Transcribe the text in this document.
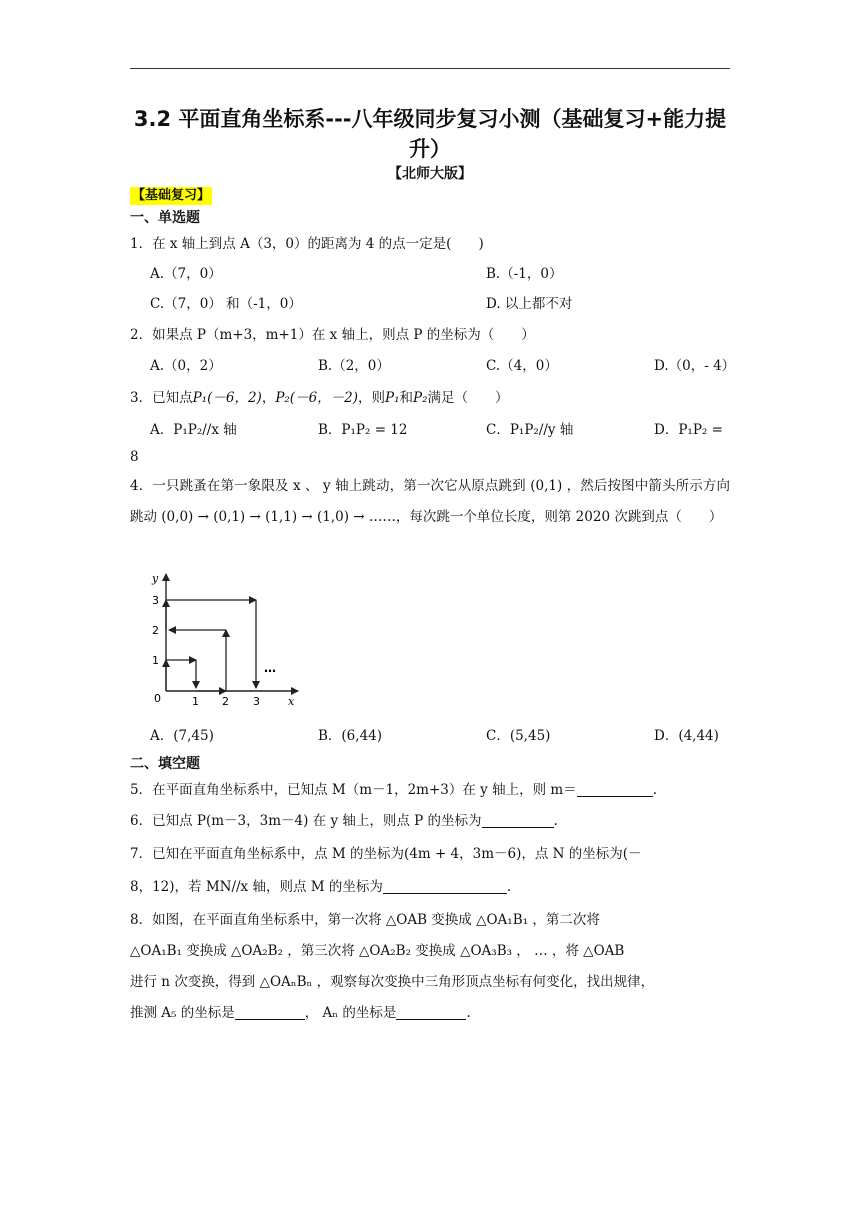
3.2 平面直角坐标系---八年级同步复习小测（基础复习+能力提升）
【北师大版】
【基础复习】
一、单选题
1．在 x 轴上到点 A（3，0）的距离为 4 的点一定是(　　)
A.（7，0）	B.（-1，0）
C.（7，0） 和（-1，0）	D. 以上都不对
2．如果点 P（m+3，m+1）在 x 轴上，则点 P 的坐标为（　　）
A.（0，2）	B.（2，0）	C.（4，0）	D.（0，- 4）
3．已知点P₁(－6，2)，P₂(－6，－2)，则P₁和P₂满足（　　）
A．P₁P₂//x 轴	B．P₁P₂ = 12	C．P₁P₂//y 轴	D．P₁P₂ =
8
4．一只跳蚤在第一象限及 x 、 y 轴上跳动，第一次它从原点跳到 (0,1) ，然后按图中箭头所示方向跳动 (0,0) → (0,1) → (1,1) → (1,0) → ……，每次跳一个单位长度，则第 2020 次跳到点（　　）
y
x
0	1 2 3
1
2
3
…
A．(7,45)	B．(6,44)	C．(5,45)	D．(4,44)
二、填空题
5．在平面直角坐标系中，已知点 M（m－1，2m+3）在 y 轴上，则 m＝	.
6．已知点 P(m－3，3m－4) 在 y 轴上，则点 P 的坐标为	.
7．已知在平面直角坐标系中，点 M 的坐标为(4m + 4，3m－6)，点 N 的坐标为(－
8，12)，若 MN//x 轴，则点 M 的坐标为	.
8．如图，在平面直角坐标系中，第一次将 △OAB 变换成 △OA₁B₁ ，第二次将
△OA₁B₁ 变换成 △OA₂B₂ ，第三次将 △OA₂B₂ 变换成 △OA₃B₃ ， … ，将 △OAB
进行 n 次变换，得到 △OAₙBₙ ，观察每次变换中三角形顶点坐标有何变化，找出规律，
推测 A₅ 的坐标是	， Aₙ 的坐标是	.
